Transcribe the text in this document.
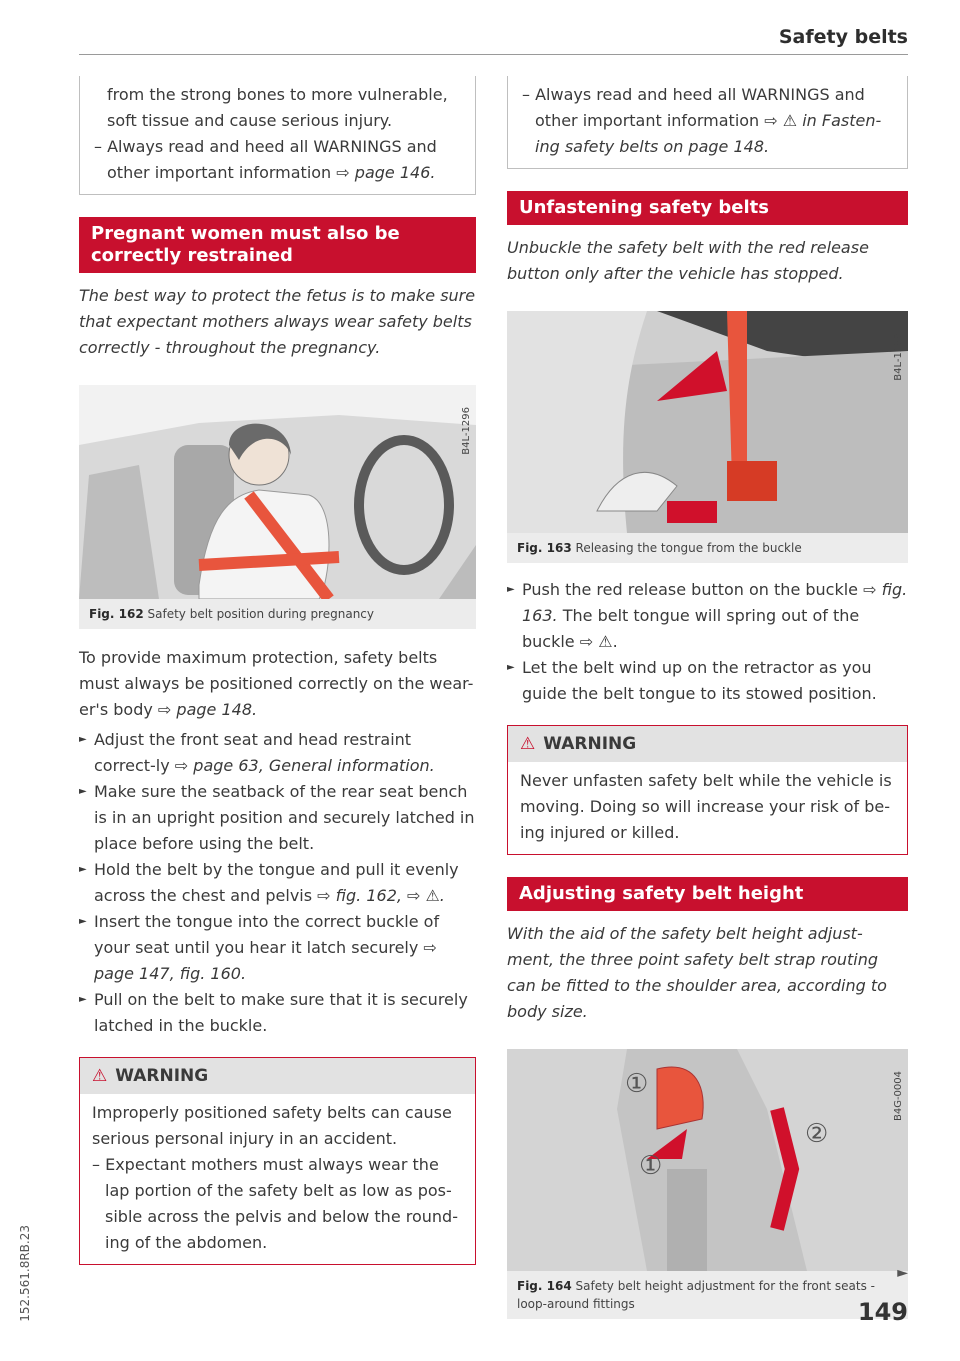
Safety belts
from the strong bones to more vulnerable,
soft tissue and cause serious injury.
– Always read and heed all WARNINGS and
other important information ⇨ page 146.
Pregnant women must also be correctly restrained
The best way to protect the fetus is to make sure that expectant mothers always wear safety belts correctly - throughout the pregnancy.
B4L-1296
Fig. 162 Safety belt position during pregnancy
To provide maximum protection, safety belts must always be positioned correctly on the wear-er's body ⇨ page 148.
► Adjust the front seat and head restraint correct-ly ⇨ page 63, General information.
► Make sure the seatback of the rear seat bench is in an upright position and securely latched in place before using the belt.
► Hold the belt by the tongue and pull it evenly across the chest and pelvis ⇨ fig. 162, ⇨ ⚠.
► Insert the tongue into the correct buckle of your seat until you hear it latch securely ⇨ page 147, fig. 160.
► Pull on the belt to make sure that it is securely latched in the buckle.
⚠ WARNING
Improperly positioned safety belts can cause serious personal injury in an accident.
– Expectant mothers must always wear the lap portion of the safety belt as low as pos-sible across the pelvis and below the round-ing of the abdomen.
– Always read and heed all WARNINGS and
other important information ⇨ ⚠ in Fasten-ing safety belts on page 148.
Unfastening safety belts
Unbuckle the safety belt with the red release button only after the vehicle has stopped.
B4L-1298
Fig. 163 Releasing the tongue from the buckle
► Push the red release button on the buckle ⇨ fig. 163. The belt tongue will spring out of the buckle ⇨ ⚠.
► Let the belt wind up on the retractor as you guide the belt tongue to its stowed position.
⚠ WARNING
Never unfasten safety belt while the vehicle is moving. Doing so will increase your risk of be-ing injured or killed.
Adjusting safety belt height
With the aid of the safety belt height adjust-ment, the three point safety belt strap routing can be fitted to the shoulder area, according to body size.
①
①
②
B4G-0004
Fig. 164 Safety belt height adjustment for the front seats - loop-around fittings
►
149
152.561.8RB.23
